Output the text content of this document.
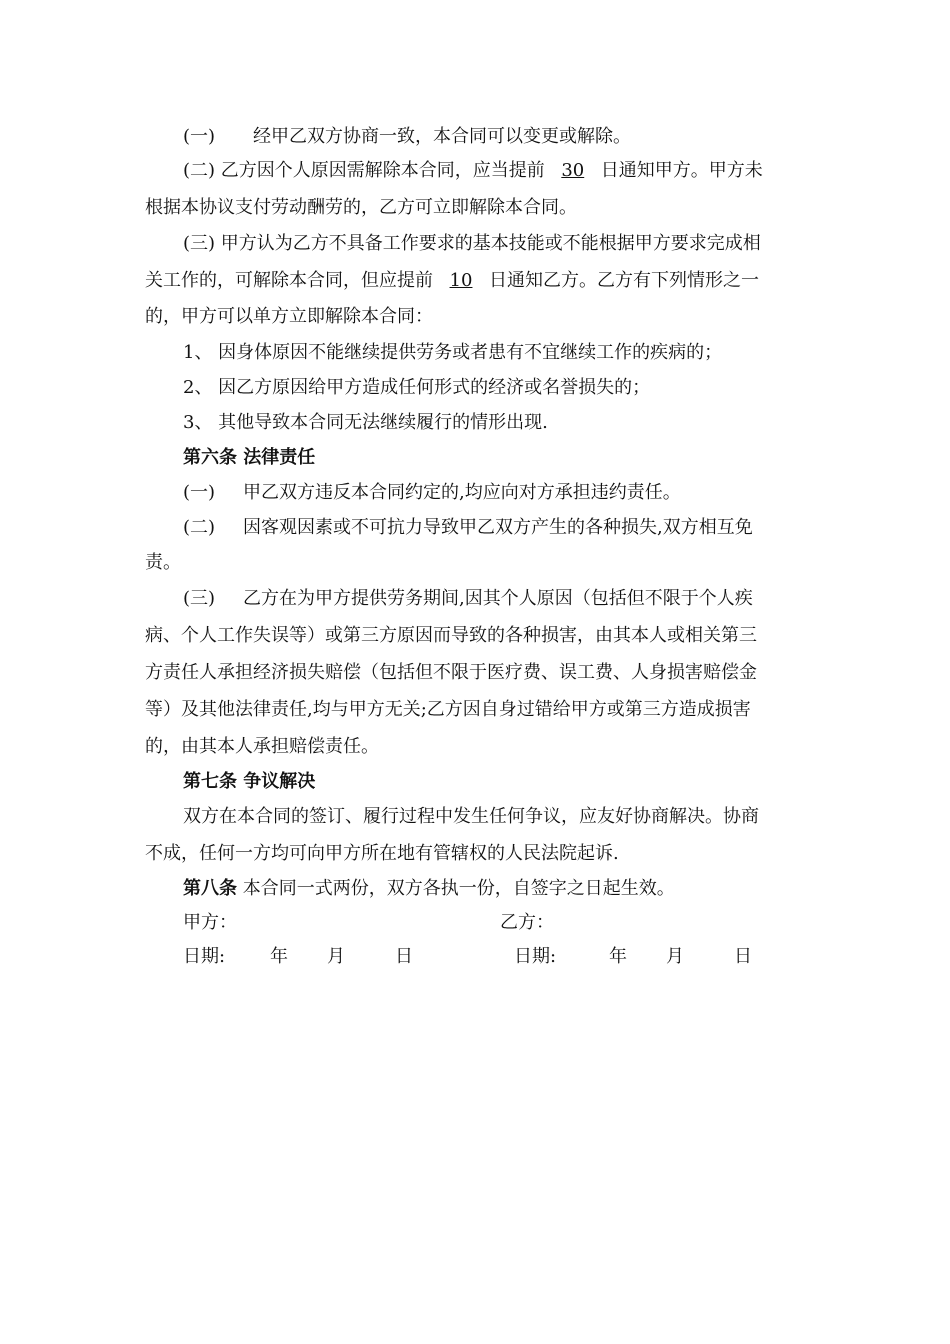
(一) 经甲乙双方协商一致，本合同可以变更或解除。
(二) 乙方因个人原因需解除本合同，应当提前 30 日通知甲方。甲方未
根据本协议支付劳动酬劳的，乙方可立即解除本合同。
(三) 甲方认为乙方不具备工作要求的基本技能或不能根据甲方要求完成相
关工作的，可解除本合同，但应提前 10 日通知乙方。乙方有下列情形之一
的，甲方可以单方立即解除本合同：
1、 因身体原因不能继续提供劳务或者患有不宜继续工作的疾病的；
2、 因乙方原因给甲方造成任何形式的经济或名誉损失的；
3、 其他导致本合同无法继续履行的情形出现.
第六条 法律责任
(一) 甲乙双方违反本合同约定的,均应向对方承担违约责任。
(二) 因客观因素或不可抗力导致甲乙双方产生的各种损失,双方相互免
责。
(三) 乙方在为甲方提供劳务期间,因其个人原因（包括但不限于个人疾
病、个人工作失误等）或第三方原因而导致的各种损害，由其本人或相关第三
方责任人承担经济损失赔偿（包括但不限于医疗费、误工费、人身损害赔偿金
等）及其他法律责任,均与甲方无关;乙方因自身过错给甲方或第三方造成损害
的，由其本人承担赔偿责任。
第七条 争议解决
双方在本合同的签订、履行过程中发生任何争议，应友好协商解决。协商
不成，任何一方均可向甲方所在地有管辖权的人民法院起诉.
第八条 本合同一式两份，双方各执一份，自签字之日起生效。
甲方：	乙方：
日期: 年 月	日	日期:	年 月	日
